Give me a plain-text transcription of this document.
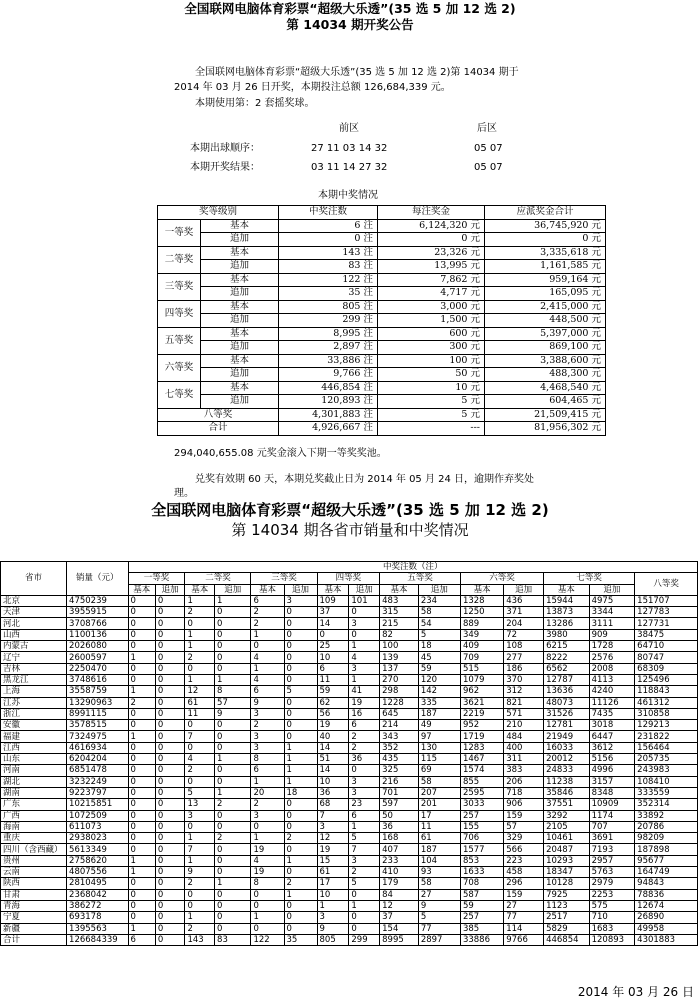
全国联网电脑体育彩票“超级大乐透”(35 选 5 加 12 选 2)
第 14034 期开奖公告
全国联网电脑体育彩票“超级大乐透”(35 选 5 加 12 选 2)第 14034 期于
2014 年 03 月 26 日开奖，本期投注总额 126,684,339 元。
本期使用第：2 套摇奖球。
前区	后区
本期出球顺序：	27 11 03 14 32	05 07
本期开奖结果：	03 11 14 27 32	05 07
本期中奖情况
奖等级别		中奖注数	每注奖金	应派奖金合计
一等奖	基本	6 注	6,124,320 元	36,745,920 元
	追加	0 注	0 元	0 元
二等奖	基本	143 注	23,326 元	3,335,618 元
	追加	83 注	13,995 元	1,161,585 元
三等奖	基本	122 注	7,862 元	959,164 元
	追加	35 注	4,717 元	165,095 元
四等奖	基本	805 注	3,000 元	2,415,000 元
	追加	299 注	1,500 元	448,500 元
五等奖	基本	8,995 注	600 元	5,397,000 元
	追加	2,897 注	300 元	869,100 元
六等奖	基本	33,886 注	100 元	3,388,600 元
	追加	9,766 注	50 元	488,300 元
七等奖	基本	446,854 注	10 元	4,468,540 元
	追加	120,893 注	5 元	604,465 元
八等奖		4,301,883 注	5 元	21,509,415 元
合计		4,926,667 注	---	81,956,302 元
294,040,655.08 元奖金滚入下期一等奖奖池。
兑奖有效期 60 天，本期兑奖截止日为 2014 年 05 月 24 日，逾期作弃奖处
理。
全国联网电脑体育彩票“超级大乐透”(35 选 5 加 12 选 2)
第 14034 期各省市销量和中奖情况
省市	销量（元）	中奖注数（注）														
		一等奖		二等奖		三等奖		四等奖		五等奖		六等奖		七等奖		八等奖
		基本	追加	基本	追加	基本	追加	基本	追加	基本	追加	基本	追加	基本	追加	
北京	4750239	0	0	1	1	6	3	109	101	483	234	1328	436	15944	4975	151707
天津	3955915	0	0	2	0	2	0	37	0	315	58	1250	371	13873	3344	127783
河北	3708766	0	0	0	0	2	0	14	3	215	54	889	204	13286	3111	127731
山西	1100136	0	0	1	0	1	0	0	0	82	5	349	72	3980	909	38475
内蒙古	2026080	0	0	1	0	0	0	25	1	100	18	409	108	6215	1728	64710
辽宁	2600597	1	0	2	0	4	0	10	4	139	45	709	277	8222	2576	80747
吉林	2250470	0	0	0	0	1	0	6	3	137	59	515	186	6562	2008	68309
黑龙江	3748616	0	0	1	1	4	0	11	1	270	120	1079	370	12787	4113	125496
上海	3558759	1	0	12	8	6	5	59	41	298	142	962	312	13636	4240	118843
江苏	13290963	2	0	61	57	9	0	62	19	1228	335	3621	821	48073	11126	461312
浙江	8991115	0	0	11	9	3	0	56	16	645	187	2219	571	31526	7435	310858
安徽	3578515	0	0	0	0	2	0	19	6	214	49	952	210	12781	3018	129213
福建	7324975	1	0	7	0	3	0	40	2	343	97	1719	484	21949	6447	231822
江西	4616934	0	0	0	0	3	1	14	2	352	130	1283	400	16033	3612	156464
山东	6204204	0	0	4	1	8	1	51	36	435	115	1467	311	20012	5156	205735
河南	6851478	0	0	2	0	6	1	14	0	325	69	1574	383	24833	4996	243983
湖北	3232249	0	0	0	0	1	1	10	3	216	58	855	206	11238	3157	108410
湖南	9223797	0	0	5	1	20	18	36	3	701	207	2595	718	35846	8348	333559
广东	10215851	0	0	13	2	2	0	68	23	597	201	3033	906	37551	10909	352314
广西	1072509	0	0	3	0	3	0	7	6	50	17	257	159	3292	1174	33892
海南	611073	0	0	0	0	0	0	3	1	36	11	155	57	2105	707	20786
重庆	2938023	0	0	1	2	1	2	12	5	168	61	706	329	10461	3691	98209
四川（含西藏）	5613349	0	0	7	0	19	0	19	7	407	187	1577	566	20487	7193	187898
贵州	2758620	1	0	1	0	4	1	15	3	233	104	853	223	10293	2957	95677
云南	4807556	1	0	9	0	19	0	61	2	410	93	1633	458	18347	5763	164749
陕西	2810495	0	0	2	1	8	2	17	5	179	58	708	296	10128	2979	94843
甘肃	2368042	0	0	0	0	0	1	10	0	84	27	587	159	7925	2253	78836
青海	386272	0	0	0	0	0	0	1	1	12	9	59	27	1123	575	12674
宁夏	693178	0	0	1	0	1	0	3	0	37	5	257	77	2517	710	26890
新疆	1395563	1	0	2	0	0	0	9	0	154	77	385	114	5829	1683	49958
合计	126684339	6	0	143	83	122	35	805	299	8995	2897	33886	9766	446854	120893	4301883
2014 年 03 月 26 日
